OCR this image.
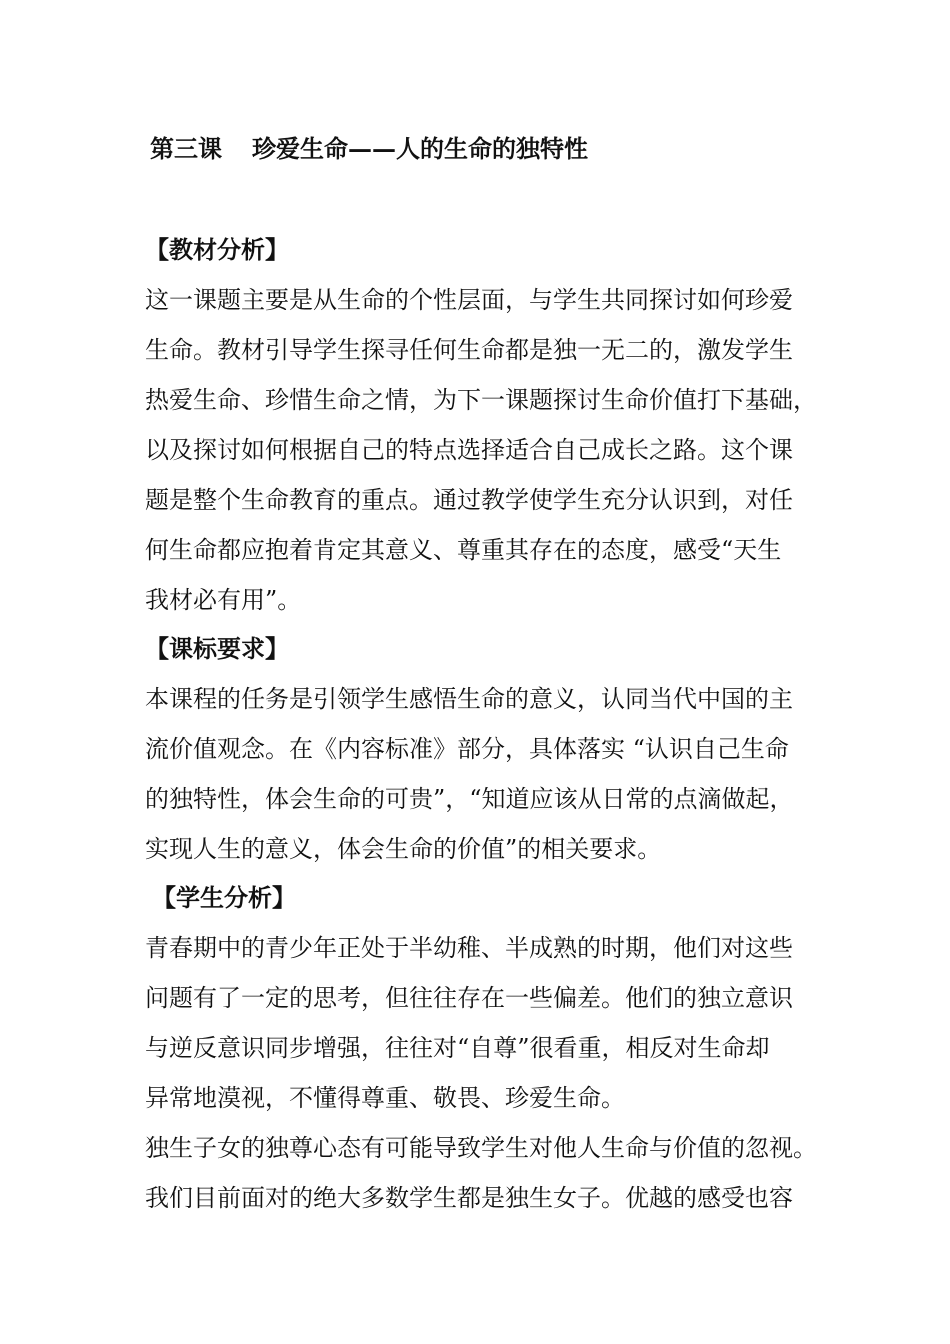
第三课 珍爱生命——人的生命的独特性
【教材分析】
这一课题主要是从生命的个性层面，与学生共同探讨如何珍爱
生命。教材引导学生探寻任何生命都是独一无二的，激发学生
热爱生命、珍惜生命之情，为下一课题探讨生命价值打下基础，
以及探讨如何根据自己的特点选择适合自己成长之路。这个课
题是整个生命教育的重点。通过教学使学生充分认识到，对任
何生命都应抱着肯定其意义、尊重其存在的态度，感受“天生
我材必有用”。
【课标要求】
本课程的任务是引领学生感悟生命的意义，认同当代中国的主
流价值观念。在《内容标准》部分，具体落实 “认识自己生命
的独特性，体会生命的可贵”，“知道应该从日常的点滴做起，
实现人生的意义，体会生命的价值”的相关要求。
【学生分析】
青春期中的青少年正处于半幼稚、半成熟的时期，他们对这些
问题有了一定的思考，但往往存在一些偏差。他们的独立意识
与逆反意识同步增强，往往对“自尊”很看重，相反对生命却
异常地漠视，不懂得尊重、敬畏、珍爱生命。
独生子女的独尊心态有可能导致学生对他人生命与价值的忽视。
我们目前面对的绝大多数学生都是独生女子。优越的感受也容
